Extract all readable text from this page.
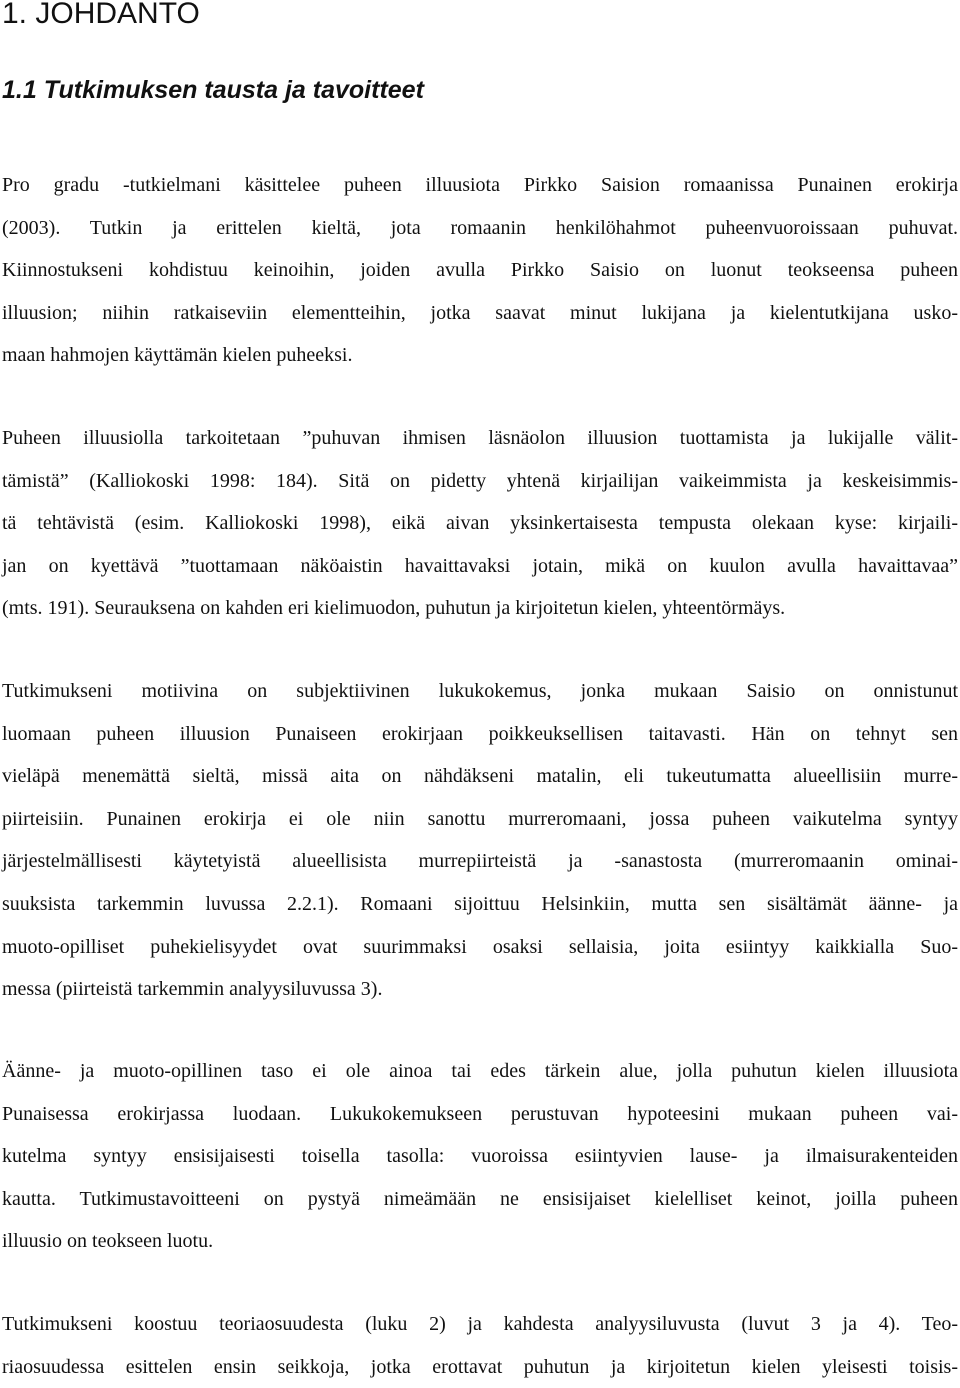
1. JOHDANTO
1.1 Tutkimuksen tausta ja tavoitteet
Pro gradu -tutkielmani käsittelee puheen illuusiota Pirkko Saision romaanissa Punainen erokirja
(2003). Tutkin ja erittelen kieltä, jota romaanin henkilöhahmot puheenvuoroissaan puhuvat.
Kiinnostukseni kohdistuu keinoihin, joiden avulla Pirkko Saisio on luonut teokseensa puheen
illuusion; niihin ratkaiseviin elementteihin, jotka saavat minut lukijana ja kielentutkijana usko-
maan hahmojen käyttämän kielen puheeksi.
Puheen illuusiolla tarkoitetaan ”puhuvan ihmisen läsnäolon illuusion tuottamista ja lukijalle välit-
tämistä” (Kalliokoski 1998: 184). Sitä on pidetty yhtenä kirjailijan vaikeimmista ja keskeisimmis-
tä tehtävistä (esim. Kalliokoski 1998), eikä aivan yksinkertaisesta tempusta olekaan kyse: kirjaili-
jan on kyettävä ”tuottamaan näköaistin havaittavaksi jotain, mikä on kuulon avulla havaittavaa”
(mts. 191). Seurauksena on kahden eri kielimuodon, puhutun ja kirjoitetun kielen, yhteentörmäys.
Tutkimukseni motiivina on subjektiivinen lukukokemus, jonka mukaan Saisio on onnistunut
luomaan puheen illuusion Punaiseen erokirjaan poikkeuksellisen taitavasti. Hän on tehnyt sen
vieläpä menemättä sieltä, missä aita on nähdäkseni matalin, eli tukeutumatta alueellisiin murre-
piirteisiin. Punainen erokirja ei ole niin sanottu murreromaani, jossa puheen vaikutelma syntyy
järjestelmällisesti käytetyistä alueellisista murrepiirteistä ja -sanastosta (murreromaanin ominai-
suuksista tarkemmin luvussa 2.2.1). Romaani sijoittuu Helsinkiin, mutta sen sisältämät äänne- ja
muoto-opilliset puhekielisyydet ovat suurimmaksi osaksi sellaisia, joita esiintyy kaikkialla Suo-
messa (piirteistä tarkemmin analyysiluvussa 3).
Äänne- ja muoto-opillinen taso ei ole ainoa tai edes tärkein alue, jolla puhutun kielen illuusiota
Punaisessa erokirjassa luodaan. Lukukokemukseen perustuvan hypoteesini mukaan puheen vai-
kutelma syntyy ensisijaisesti toisella tasolla: vuoroissa esiintyvien lause- ja ilmaisurakenteiden
kautta. Tutkimustavoitteeni on pystyä nimeämään ne ensisijaiset kielelliset keinot, joilla puheen
illuusio on teokseen luotu.
Tutkimukseni koostuu teoriaosuudesta (luku 2) ja kahdesta analyysiluvusta (luvut 3 ja 4). Teo-
riaosuudessa esittelen ensin seikkoja, jotka erottavat puhutun ja kirjoitetun kielen yleisesti toisis-
